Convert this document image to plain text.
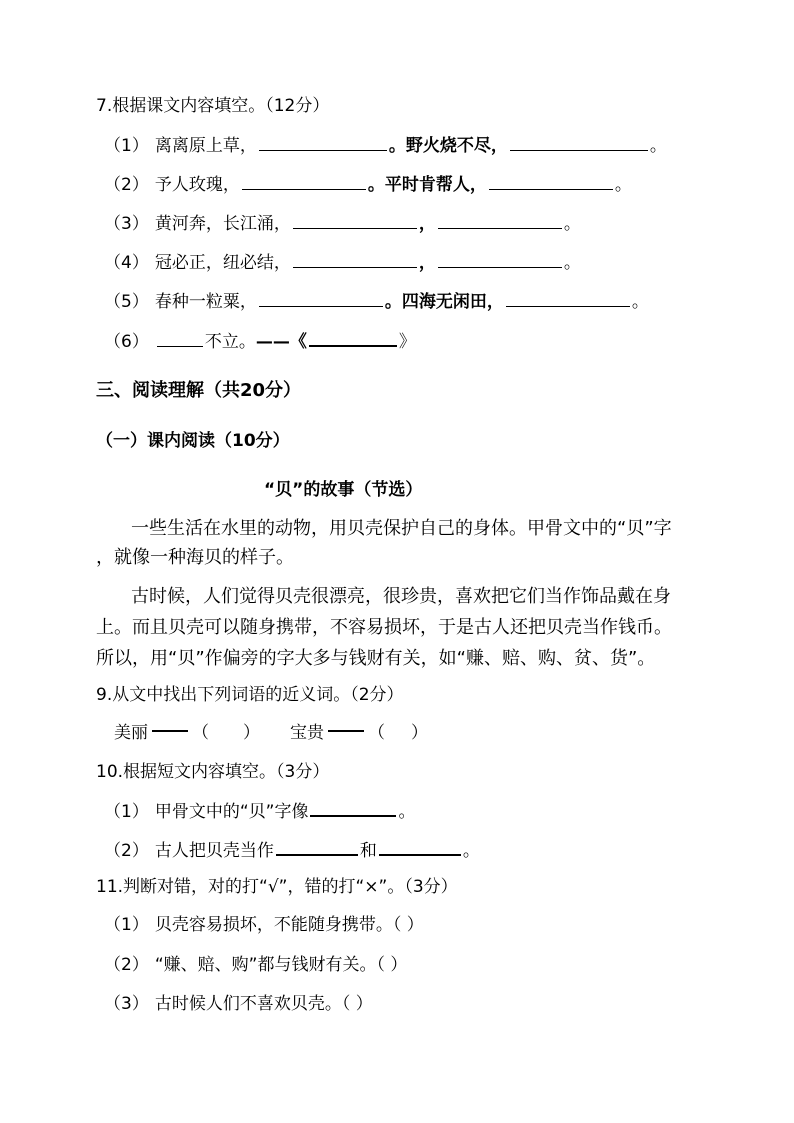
7.根据课文内容填空。（12分）
（1） 离离原上草，	。野火烧不尽，	。
（2） 予人玫瑰，	。平时肯帮人，	。
（3） 黄河奔，长江涌，	，	。
（4） 冠必正，纽必结，	，	。
（5） 春种一粒粟，	。四海无闲田，	。
（6）	不立。——《	》
三、阅读理解（共20分）
（一）课内阅读（10分）
“贝”的故事（节选）
一些生活在水里的动物，用贝壳保护自己的身体。甲骨文中的“贝”字
，就像一种海贝的样子。
古时候，人们觉得贝壳很漂亮，很珍贵，喜欢把它们当作饰品戴在身
上。而且贝壳可以随身携带，不容易损坏，于是古人还把贝壳当作钱币。
所以，用“贝”作偏旁的字大多与钱财有关，如“赚、赔、购、贫、货”。
9.从文中找出下列词语的近义词。（2分）
美丽	（ ） 宝贵	（ ）
10.根据短文内容填空。（3分）
（1） 甲骨文中的“贝”字像	。
（2） 古人把贝壳当作	和	。
11.判断对错，对的打“√”，错的打“×”。（3分）
（1） 贝壳容易损坏，不能随身携带。（ ）
（2） “赚、赔、购”都与钱财有关。（ ）
（3） 古时候人们不喜欢贝壳。（ ）
